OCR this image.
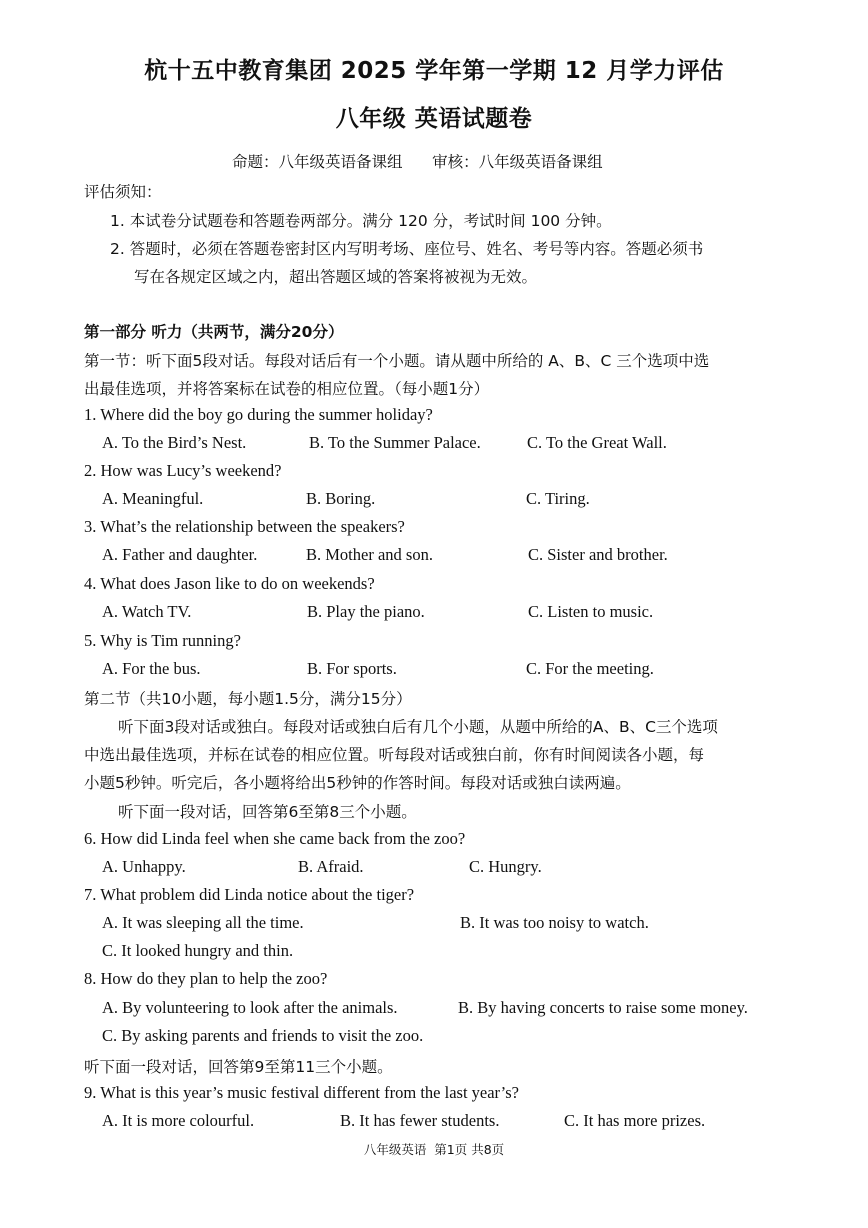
杭十五中教育集团 2025 学年第一学期 12 月学力评估
八年级 英语试题卷
命题：八年级英语备课组      审核：八年级英语备课组
评估须知：
1. 本试卷分试题卷和答题卷两部分。满分 120 分，考试时间 100 分钟。
2. 答题时，必须在答题卷密封区内写明考场、座位号、姓名、考号等内容。答题必须书
写在各规定区域之内，超出答题区域的答案将被视为无效。
第一部分 听力（共两节，满分20分）
第一节：听下面5段对话。每段对话后有一个小题。请从题中所给的 A、B、C 三个选项中选
出最佳选项，并将答案标在试卷的相应位置。（每小题1分）
1. Where did the boy go during the summer holiday?
A. To the Bird’s Nest.	B. To the Summer Palace.	C. To the Great Wall.
2. How was Lucy’s weekend?
A. Meaningful.	B. Boring.	C. Tiring.
3. What’s the relationship between the speakers?
A. Father and daughter.	B. Mother and son.	C. Sister and brother.
4. What does Jason like to do on weekends?
A. Watch TV.	B. Play the piano.	C. Listen to music.
5. Why is Tim running?
A. For the bus.	B. For sports.	C. For the meeting.
第二节（共10小题，每小题1.5分，满分15分）
听下面3段对话或独白。每段对话或独白后有几个小题，从题中所给的A、B、C三个选项
中选出最佳选项，并标在试卷的相应位置。听每段对话或独白前，你有时间阅读各小题，每
小题5秒钟。听完后，各小题将给出5秒钟的作答时间。每段对话或独白读两遍。
听下面一段对话，回答第6至第8三个小题。
6. How did Linda feel when she came back from the zoo?
A. Unhappy.	B. Afraid.	C. Hungry.
7. What problem did Linda notice about the tiger?
A. It was sleeping all the time.	B. It was too noisy to watch.
C. It looked hungry and thin.
8. How do they plan to help the zoo?
A. By volunteering to look after the animals.	B. By having concerts to raise some money.
C. By asking parents and friends to visit the zoo.
听下面一段对话，回答第9至第11三个小题。
9. What is this year’s music festival different from the last year’s?
A. It is more colourful.	B. It has fewer students.	C. It has more prizes.
八年级英语  第1页 共8页
